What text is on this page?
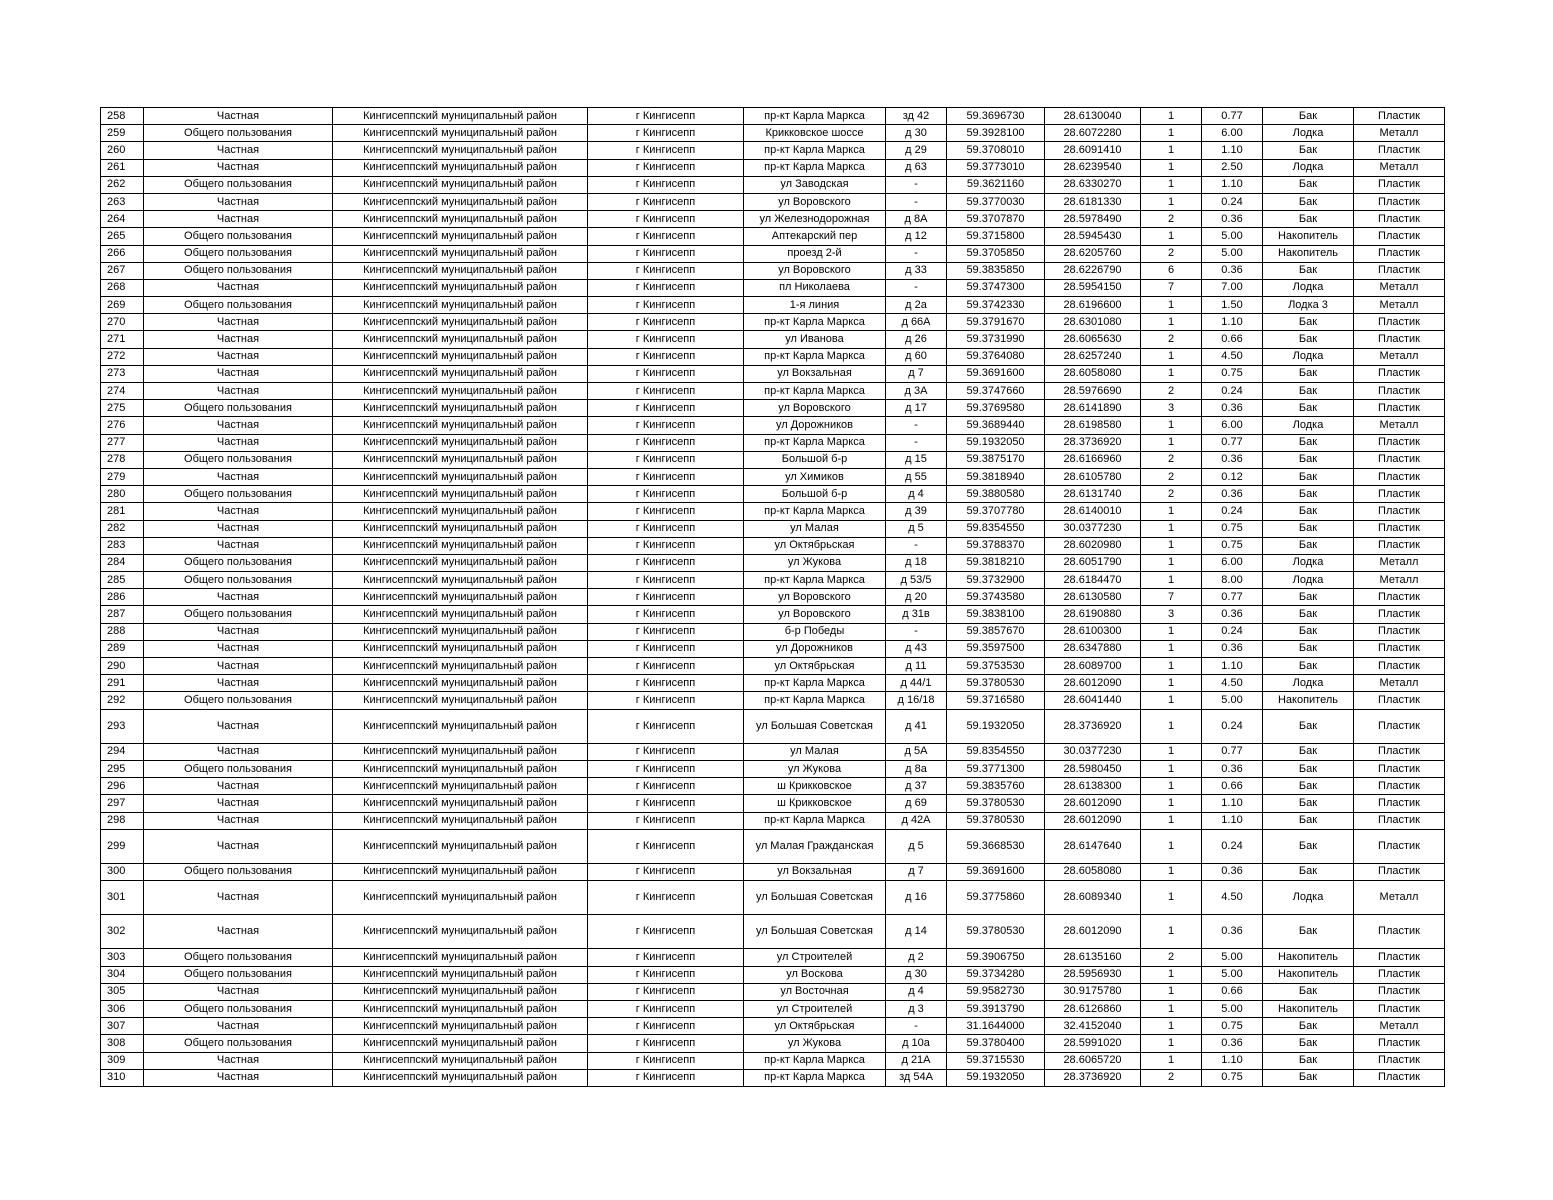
258	Частная	Кингисеппский муниципальный район	г Кингисепп	пр-кт Карла Маркса	зд 42	59.3696730	28.6130040	1	0.77	Бак	Пластик
259	Общего пользования	Кингисеппский муниципальный район	г Кингисепп	Крикковское шоссе	д 30	59.3928100	28.6072280	1	6.00	Лодка	Металл
260	Частная	Кингисеппский муниципальный район	г Кингисепп	пр-кт Карла Маркса	д 29	59.3708010	28.6091410	1	1.10	Бак	Пластик
261	Частная	Кингисеппский муниципальный район	г Кингисепп	пр-кт Карла Маркса	д 63	59.3773010	28.6239540	1	2.50	Лодка	Металл
262	Общего пользования	Кингисеппский муниципальный район	г Кингисепп	ул Заводская	-	59.3621160	28.6330270	1	1.10	Бак	Пластик
263	Частная	Кингисеппский муниципальный район	г Кингисепп	ул Воровского	-	59.3770030	28.6181330	1	0.24	Бак	Пластик
264	Частная	Кингисеппский муниципальный район	г Кингисепп	ул Железнодорожная	д 8А	59.3707870	28.5978490	2	0.36	Бак	Пластик
265	Общего пользования	Кингисеппский муниципальный район	г Кингисепп	Аптекарский пер	д 12	59.3715800	28.5945430	1	5.00	Накопитель	Пластик
266	Общего пользования	Кингисеппский муниципальный район	г Кингисепп	проезд 2-й	-	59.3705850	28.6205760	2	5.00	Накопитель	Пластик
267	Общего пользования	Кингисеппский муниципальный район	г Кингисепп	ул Воровского	д 33	59.3835850	28.6226790	6	0.36	Бак	Пластик
268	Частная	Кингисеппский муниципальный район	г Кингисепп	пл Николаева	-	59.3747300	28.5954150	7	7.00	Лодка	Металл
269	Общего пользования	Кингисеппский муниципальный район	г Кингисепп	1-я линия	д 2а	59.3742330	28.6196600	1	1.50	Лодка 3	Металл
270	Частная	Кингисеппский муниципальный район	г Кингисепп	пр-кт Карла Маркса	д 66А	59.3791670	28.6301080	1	1.10	Бак	Пластик
271	Частная	Кингисеппский муниципальный район	г Кингисепп	ул Иванова	д 26	59.3731990	28.6065630	2	0.66	Бак	Пластик
272	Частная	Кингисеппский муниципальный район	г Кингисепп	пр-кт Карла Маркса	д 60	59.3764080	28.6257240	1	4.50	Лодка	Металл
273	Частная	Кингисеппский муниципальный район	г Кингисепп	ул Вокзальная	д 7	59.3691600	28.6058080	1	0.75	Бак	Пластик
274	Частная	Кингисеппский муниципальный район	г Кингисепп	пр-кт Карла Маркса	д 3А	59.3747660	28.5976690	2	0.24	Бак	Пластик
275	Общего пользования	Кингисеппский муниципальный район	г Кингисепп	ул Воровского	д 17	59.3769580	28.6141890	3	0.36	Бак	Пластик
276	Частная	Кингисеппский муниципальный район	г Кингисепп	ул Дорожников	-	59.3689440	28.6198580	1	6.00	Лодка	Металл
277	Частная	Кингисеппский муниципальный район	г Кингисепп	пр-кт Карла Маркса	-	59.1932050	28.3736920	1	0.77	Бак	Пластик
278	Общего пользования	Кингисеппский муниципальный район	г Кингисепп	Большой б-р	д 15	59.3875170	28.6166960	2	0.36	Бак	Пластик
279	Частная	Кингисеппский муниципальный район	г Кингисепп	ул Химиков	д 55	59.3818940	28.6105780	2	0.12	Бак	Пластик
280	Общего пользования	Кингисеппский муниципальный район	г Кингисепп	Большой б-р	д 4	59.3880580	28.6131740	2	0.36	Бак	Пластик
281	Частная	Кингисеппский муниципальный район	г Кингисепп	пр-кт Карла Маркса	д 39	59.3707780	28.6140010	1	0.24	Бак	Пластик
282	Частная	Кингисеппский муниципальный район	г Кингисепп	ул Малая	д 5	59.8354550	30.0377230	1	0.75	Бак	Пластик
283	Частная	Кингисеппский муниципальный район	г Кингисепп	ул Октябрьская	-	59.3788370	28.6020980	1	0.75	Бак	Пластик
284	Общего пользования	Кингисеппский муниципальный район	г Кингисепп	ул Жукова	д 18	59.3818210	28.6051790	1	6.00	Лодка	Металл
285	Общего пользования	Кингисеппский муниципальный район	г Кингисепп	пр-кт Карла Маркса	д 53/5	59.3732900	28.6184470	1	8.00	Лодка	Металл
286	Частная	Кингисеппский муниципальный район	г Кингисепп	ул Воровского	д 20	59.3743580	28.6130580	7	0.77	Бак	Пластик
287	Общего пользования	Кингисеппский муниципальный район	г Кингисепп	ул Воровского	д 31в	59.3838100	28.6190880	3	0.36	Бак	Пластик
288	Частная	Кингисеппский муниципальный район	г Кингисепп	б-р Победы	-	59.3857670	28.6100300	1	0.24	Бак	Пластик
289	Частная	Кингисеппский муниципальный район	г Кингисепп	ул Дорожников	д 43	59.3597500	28.6347880	1	0.36	Бак	Пластик
290	Частная	Кингисеппский муниципальный район	г Кингисепп	ул Октябрьская	д 11	59.3753530	28.6089700	1	1.10	Бак	Пластик
291	Частная	Кингисеппский муниципальный район	г Кингисепп	пр-кт Карла Маркса	д 44/1	59.3780530	28.6012090	1	4.50	Лодка	Металл
292	Общего пользования	Кингисеппский муниципальный район	г Кингисепп	пр-кт Карла Маркса	д 16/18	59.3716580	28.6041440	1	5.00	Накопитель	Пластик
293	Частная	Кингисеппский муниципальный район	г Кингисепп	ул Большая Советская	д 41	59.1932050	28.3736920	1	0.24	Бак	Пластик
294	Частная	Кингисеппский муниципальный район	г Кингисепп	ул Малая	д 5А	59.8354550	30.0377230	1	0.77	Бак	Пластик
295	Общего пользования	Кингисеппский муниципальный район	г Кингисепп	ул Жукова	д 8а	59.3771300	28.5980450	1	0.36	Бак	Пластик
296	Частная	Кингисеппский муниципальный район	г Кингисепп	ш Крикковское	д 37	59.3835760	28.6138300	1	0.66	Бак	Пластик
297	Частная	Кингисеппский муниципальный район	г Кингисепп	ш Крикковское	д 69	59.3780530	28.6012090	1	1.10	Бак	Пластик
298	Частная	Кингисеппский муниципальный район	г Кингисепп	пр-кт Карла Маркса	д 42А	59.3780530	28.6012090	1	1.10	Бак	Пластик
299	Частная	Кингисеппский муниципальный район	г Кингисепп	ул Малая Гражданская	д 5	59.3668530	28.6147640	1	0.24	Бак	Пластик
300	Общего пользования	Кингисеппский муниципальный район	г Кингисепп	ул Вокзальная	д 7	59.3691600	28.6058080	1	0.36	Бак	Пластик
301	Частная	Кингисеппский муниципальный район	г Кингисепп	ул Большая Советская	д 16	59.3775860	28.6089340	1	4.50	Лодка	Металл
302	Частная	Кингисеппский муниципальный район	г Кингисепп	ул Большая Советская	д 14	59.3780530	28.6012090	1	0.36	Бак	Пластик
303	Общего пользования	Кингисеппский муниципальный район	г Кингисепп	ул Строителей	д 2	59.3906750	28.6135160	2	5.00	Накопитель	Пластик
304	Общего пользования	Кингисеппский муниципальный район	г Кингисепп	ул Воскова	д 30	59.3734280	28.5956930	1	5.00	Накопитель	Пластик
305	Частная	Кингисеппский муниципальный район	г Кингисепп	ул Восточная	д 4	59.9582730	30.9175780	1	0.66	Бак	Пластик
306	Общего пользования	Кингисеппский муниципальный район	г Кингисепп	ул Строителей	д 3	59.3913790	28.6126860	1	5.00	Накопитель	Пластик
307	Частная	Кингисеппский муниципальный район	г Кингисепп	ул Октябрьская	-	31.1644000	32.4152040	1	0.75	Бак	Металл
308	Общего пользования	Кингисеппский муниципальный район	г Кингисепп	ул Жукова	д 10а	59.3780400	28.5991020	1	0.36	Бак	Пластик
309	Частная	Кингисеппский муниципальный район	г Кингисепп	пр-кт Карла Маркса	д 21А	59.3715530	28.6065720	1	1.10	Бак	Пластик
310	Частная	Кингисеппский муниципальный район	г Кингисепп	пр-кт Карла Маркса	зд 54А	59.1932050	28.3736920	2	0.75	Бак	Пластик
